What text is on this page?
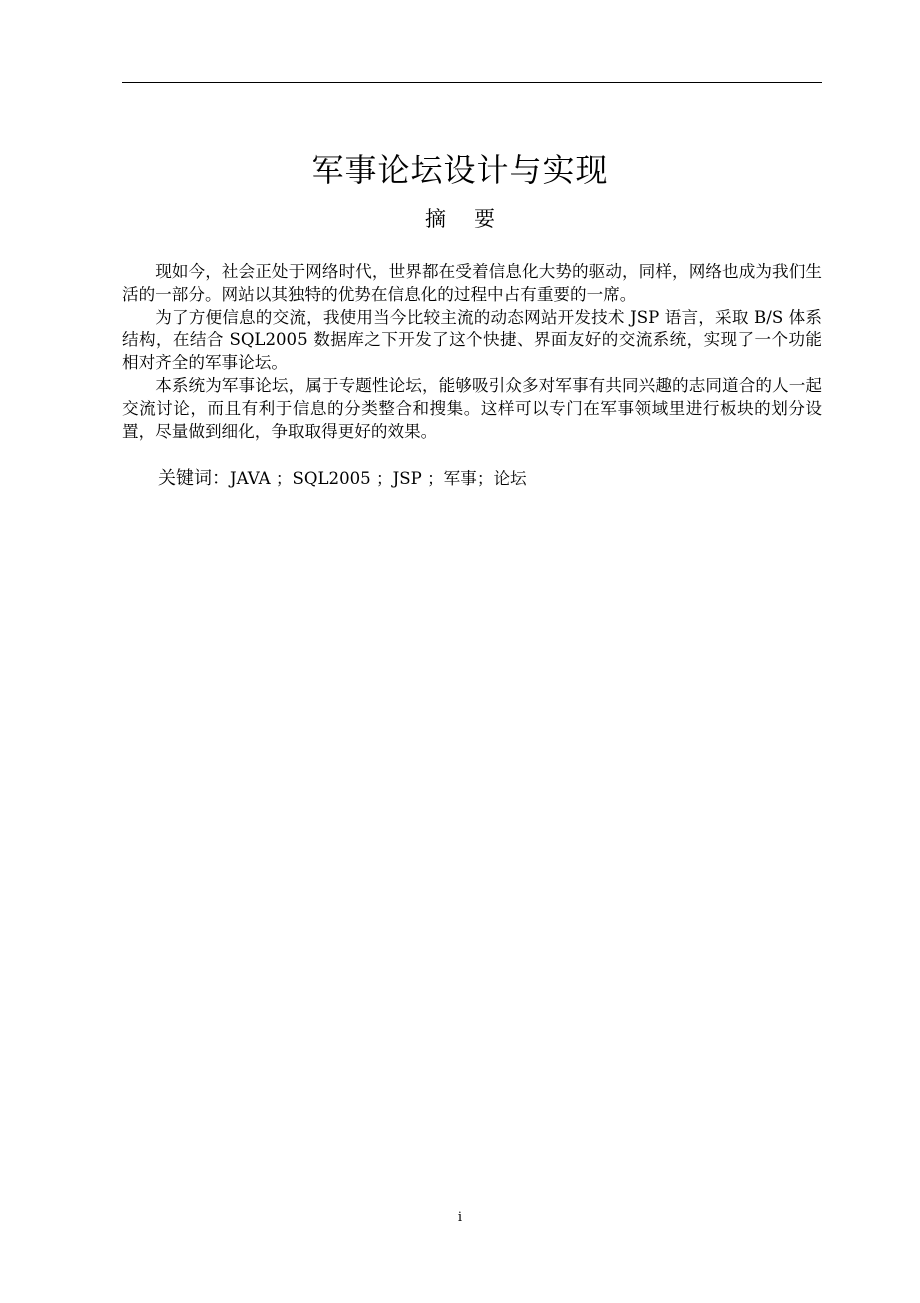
军事论坛设计与实现
摘要

现如今，社会正处于网络时代，世界都在受着信息化大势的驱动，同样，网络也成为我们生活的一部分。网站以其独特的优势在信息化的过程中占有重要的一席。

为了方便信息的交流，我使用当今比较主流的动态网站开发技术 JSP 语言，采取 B/S 体系结构，在结合 SQL2005 数据库之下开发了这个快捷、界面友好的交流系统，实现了一个功能相对齐全的军事论坛。

本系统为军事论坛，属于专题性论坛，能够吸引众多对军事有共同兴趣的志同道合的人一起交流讨论，而且有利于信息的分类整合和搜集。这样可以专门在军事领域里进行板块的划分设置，尽量做到细化，争取取得更好的效果。

关键词：JAVA ；SQL2005 ；JSP ；军事；论坛
i
